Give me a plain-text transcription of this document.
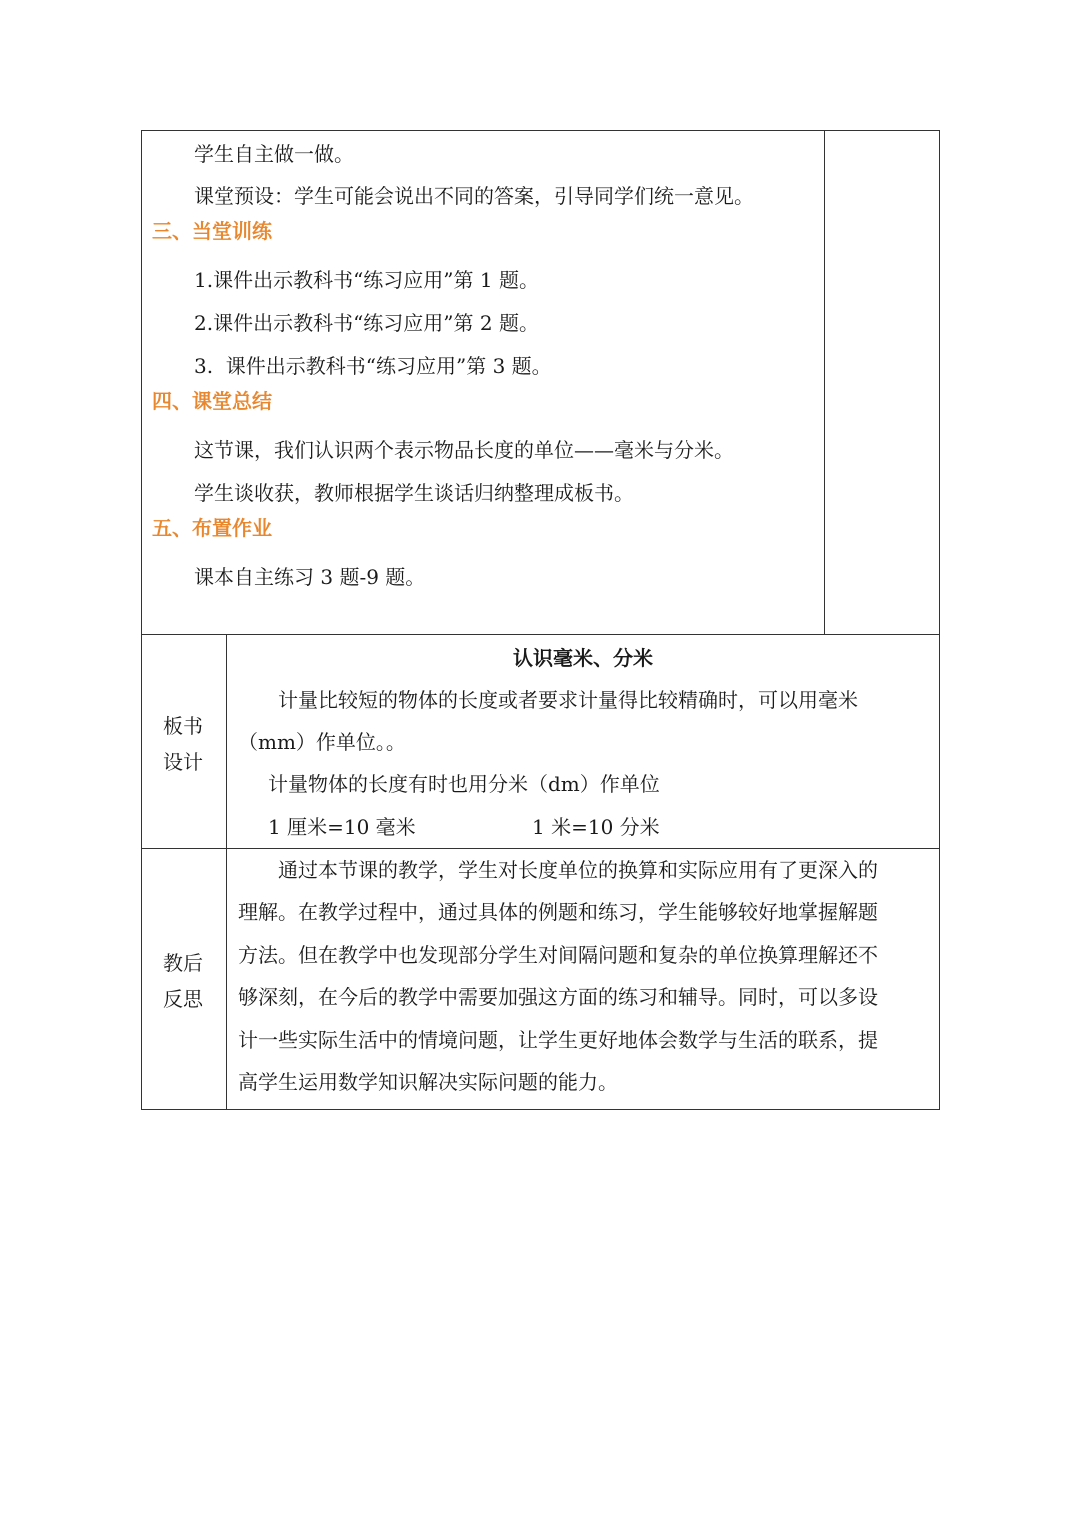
学生自主做一做。
课堂预设：学生可能会说出不同的答案，引导同学们统一意见。
三、当堂训练
1.课件出示教科书“练习应用”第 1 题。
2.课件出示教科书“练习应用”第 2 题。
3.  课件出示教科书“练习应用”第 3 题。
四、课堂总结
这节课，我们认识两个表示物品长度的单位——毫米与分米。
学生谈收获，教师根据学生谈话归纳整理成板书。
五、布置作业
课本自主练习 3 题-9 题。
板书
设计
认识毫米、分米
计量比较短的物体的长度或者要求计量得比较精确时，可以用毫米
（mm）作单位。。
计量物体的长度有时也用分米（dm）作单位
1 厘米=10 毫米	1 米=10 分米
教后
反思
通过本节课的教学，学生对长度单位的换算和实际应用有了更深入的
理解。在教学过程中，通过具体的例题和练习，学生能够较好地掌握解题
方法。但在教学中也发现部分学生对间隔问题和复杂的单位换算理解还不
够深刻，在今后的教学中需要加强这方面的练习和辅导。同时，可以多设
计一些实际生活中的情境问题，让学生更好地体会数学与生活的联系，提
高学生运用数学知识解决实际问题的能力。
